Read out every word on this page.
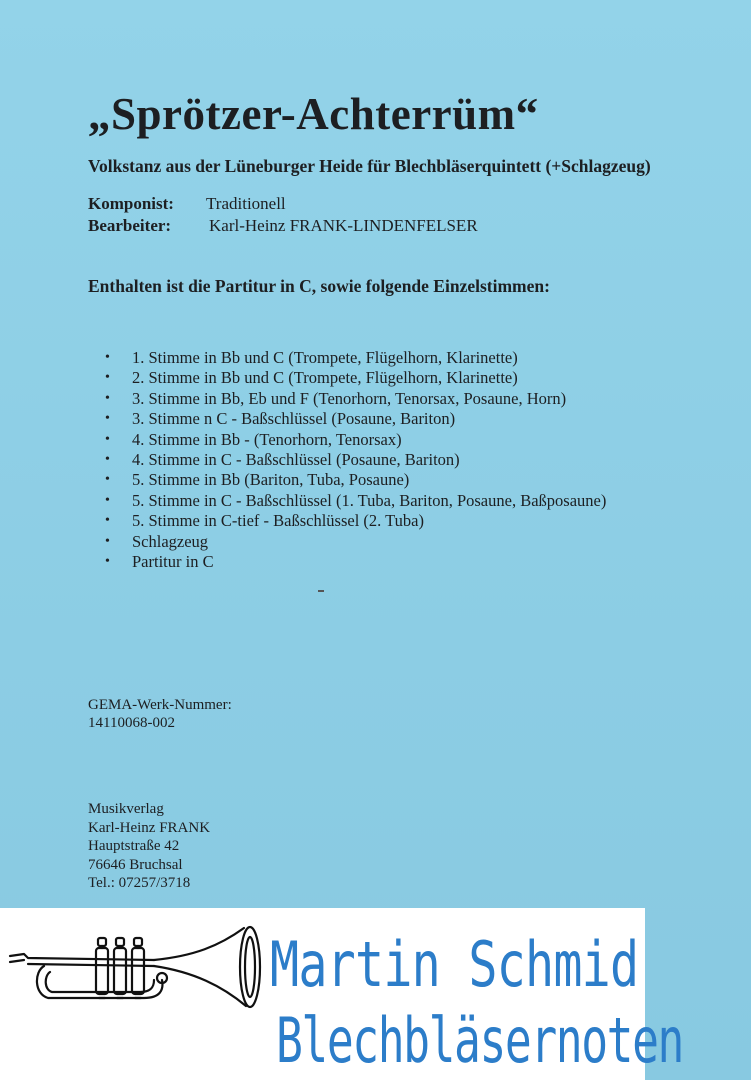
„Sprötzer-Achterrüm“
Volkstanz aus der Lüneburger Heide für Blechbläserquintett (+Schlagzeug)
Komponist: Traditionell
Bearbeiter: Karl-Heinz FRANK-LINDENFELSER
Enthalten ist die Partitur in C, sowie folgende Einzelstimmen:
• 1. Stimme in Bb und C (Trompete, Flügelhorn, Klarinette)
• 2. Stimme in Bb und C (Trompete, Flügelhorn, Klarinette)
• 3. Stimme in Bb, Eb und F (Tenorhorn, Tenorsax, Posaune, Horn)
• 3. Stimme n C - Baßschlüssel (Posaune, Bariton)
• 4. Stimme in Bb - (Tenorhorn, Tenorsax)
• 4. Stimme in C - Baßschlüssel (Posaune, Bariton)
• 5. Stimme in Bb (Bariton, Tuba, Posaune)
• 5. Stimme in C - Baßschlüssel (1. Tuba, Bariton, Posaune, Baßposaune)
• 5. Stimme in C-tief - Baßschlüssel (2. Tuba)
• Schlagzeug
• Partitur in C
GEMA-Werk-Nummer:
14110068-002
Musikverlag
Karl-Heinz FRANK
Hauptstraße 42
76646 Bruchsal
Tel.: 07257/3718
Martin Schmid
Blechbläsernoten
